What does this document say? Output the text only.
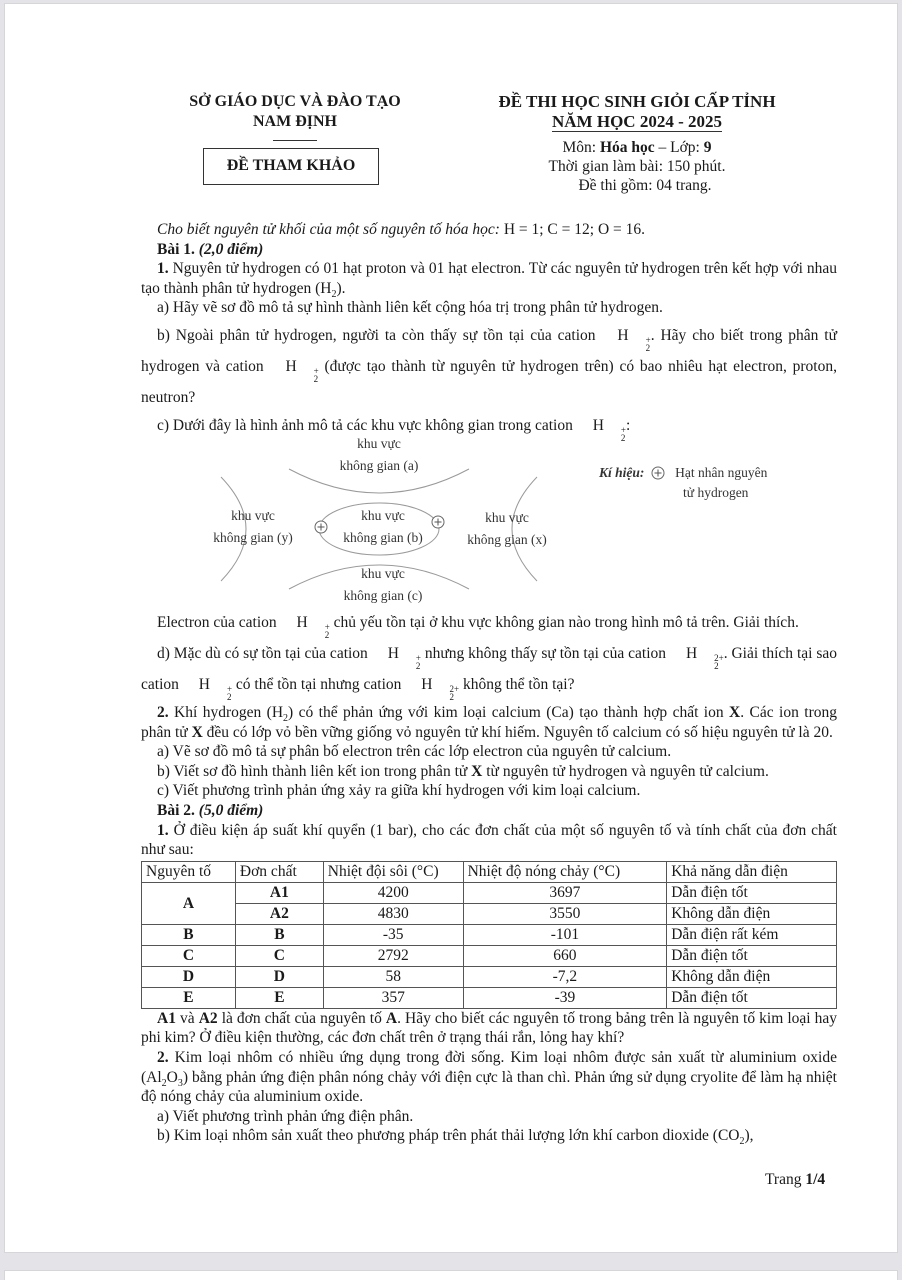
SỞ GIÁO DỤC VÀ ĐÀO TẠO
NAM ĐỊNH
ĐỀ THAM KHẢO
ĐỀ THI HỌC SINH GIỎI CẤP TỈNH
NĂM HỌC 2024 - 2025
Môn: Hóa học – Lớp: 9
Thời gian làm bài: 150 phút.
Đề thi gồm: 04 trang.
Cho biết nguyên tử khối của một số nguyên tố hóa học: H = 1; C = 12; O = 16.
Bài 1. (2,0 điểm)
1. Nguyên tử hydrogen có 01 hạt proton và 01 hạt electron. Từ các nguyên tử hydrogen trên kết hợp với nhau tạo thành phân tử hydrogen $(H_2)$.
a) Hãy vẽ sơ đồ mô tả sự hình thành liên kết cộng hóa trị trong phân tử hydrogen.
b) Ngoài phân tử hydrogen, người ta còn thấy sự tồn tại của cation	H	+
2
. Hãy cho biết trong phân tử hydrogen và cation	H	+
2
(được tạo thành từ nguyên tử hydrogen trên) có bao nhiêu hạt electron, proton, neutron?
c) Dưới đây là hình ảnh mô tả các khu vực không gian trong cation	H	+
2
:
khu vực
không gian (a)
khu vực
không gian (b)
khu vực
không gian (c)
khu vực
không gian (x)
khu vực
không gian (y)
Kí hiệu: Hạt nhân nguyên
tử hydrogen
Electron của cation	H	+
2
chủ yếu tồn tại ở khu vực không gian nào trong hình mô tả trên. Giải thích.
d) Mặc dù có sự tồn tại của cation	H	+
2
nhưng không thấy sự tồn tại của cation	H	2+
2
. Giải thích tại sao cation	H	+
2
có thể tồn tại nhưng cation	H	2+
2
không thể tồn tại?
2. Khí hydrogen $(H_2)$ có thể phản ứng với kim loại calcium (Ca) tạo thành hợp chất ion X. Các ion trong phân tử X đều có lớp vỏ bền vững giống vỏ nguyên tử khí hiếm. Nguyên tố calcium có số hiệu nguyên tử là 20.
a) Vẽ sơ đồ mô tả sự phân bố electron trên các lớp electron của nguyên tử calcium.
b) Viết sơ đồ hình thành liên kết ion trong phân tử X từ nguyên tử hydrogen và nguyên tử calcium.
c) Viết phương trình phản ứng xảy ra giữa khí hydrogen với kim loại calcium.
Bài 2. (5,0 điểm)
1. Ở điều kiện áp suất khí quyển (1 bar), cho các đơn chất của một số nguyên tố và tính chất của đơn chất như sau:
Nguyên tố	Đơn chất	Nhiệt đội sôi (°C)	Nhiệt độ nóng chảy (°C)	Khả năng dẫn điện
A	A1	4200	3697	Dẫn điện tốt
	A2	4830	3550	Không dẫn điện
B	B	-35	-101	Dẫn điện rất kém
C	C	2792	660	Dẫn điện tốt
D	D	58	-7,2	Không dẫn điện
E	E	357	-39	Dẫn điện tốt
A1 và A2 là đơn chất của nguyên tố A. Hãy cho biết các nguyên tố trong bảng trên là nguyên tố kim loại hay phi kim? Ở điều kiện thường, các đơn chất trên ở trạng thái rắn, lỏng hay khí?
2. Kim loại nhôm có nhiều ứng dụng trong đời sống. Kim loại nhôm được sản xuất từ aluminium oxide $(Al_2O_3)$ bằng phản ứng điện phân nóng chảy với điện cực là than chì. Phản ứng sử dụng cryolite để làm hạ nhiệt độ nóng chảy của aluminium oxide.
a) Viết phương trình phản ứng điện phân.
b) Kim loại nhôm sản xuất theo phương pháp trên phát thải lượng lớn khí carbon dioxide $(CO_2)$,
Trang 1/4
